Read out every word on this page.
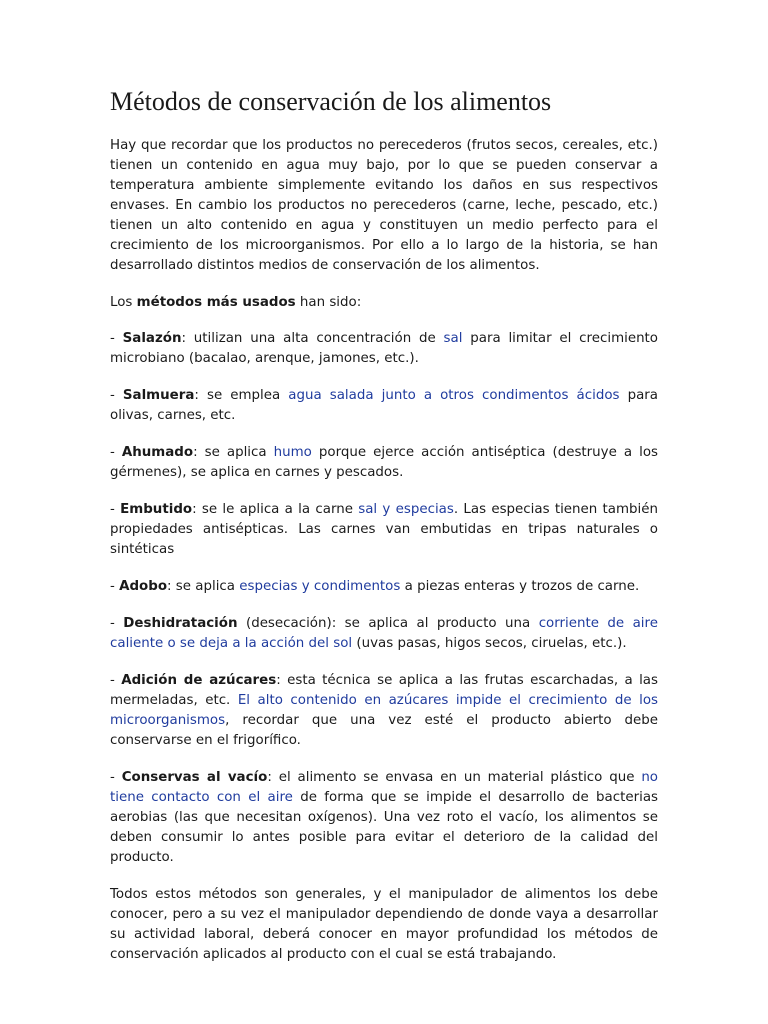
Métodos de conservación de los alimentos

Hay que recordar que los productos no perecederos (frutos secos, cereales, etc.) tienen un contenido en agua muy bajo, por lo que se pueden conservar a temperatura ambiente simplemente evitando los daños en sus respectivos envases. En cambio los productos no perecederos (carne, leche, pescado, etc.) tienen un alto contenido en agua y constituyen un medio perfecto para el crecimiento de los microorganismos. Por ello a lo largo de la historia, se han desarrollado distintos medios de conservación de los alimentos.

Los métodos más usados han sido:

- Salazón: utilizan una alta concentración de sal para limitar el crecimiento microbiano (bacalao, arenque, jamones, etc.).

- Salmuera: se emplea agua salada junto a otros condimentos ácidos para olivas, carnes, etc.

- Ahumado: se aplica humo porque ejerce acción antiséptica (destruye a los gérmenes), se aplica en carnes y pescados.

- Embutido: se le aplica a la carne sal y especias. Las especias tienen también propiedades antisépticas. Las carnes van embutidas en tripas naturales o sintéticas

- Adobo: se aplica especias y condimentos a piezas enteras y trozos de carne.

- Deshidratación (desecación): se aplica al producto una corriente de aire caliente o se deja a la acción del sol (uvas pasas, higos secos, ciruelas, etc.).

- Adición de azúcares: esta técnica se aplica a las frutas escarchadas, a las mermeladas, etc. El alto contenido en azúcares impide el crecimiento de los microorganismos, recordar que una vez esté el producto abierto debe conservarse en el frigorífico.

- Conservas al vacío: el alimento se envasa en un material plástico que no tiene contacto con el aire de forma que se impide el desarrollo de bacterias aerobias (las que necesitan oxígenos). Una vez roto el vacío, los alimentos se deben consumir lo antes posible para evitar el deterioro de la calidad del producto.

Todos estos métodos son generales, y el manipulador de alimentos los debe conocer, pero a su vez el manipulador dependiendo de donde vaya a desarrollar su actividad laboral, deberá conocer en mayor profundidad los métodos de conservación aplicados al producto con el cual se está trabajando.
